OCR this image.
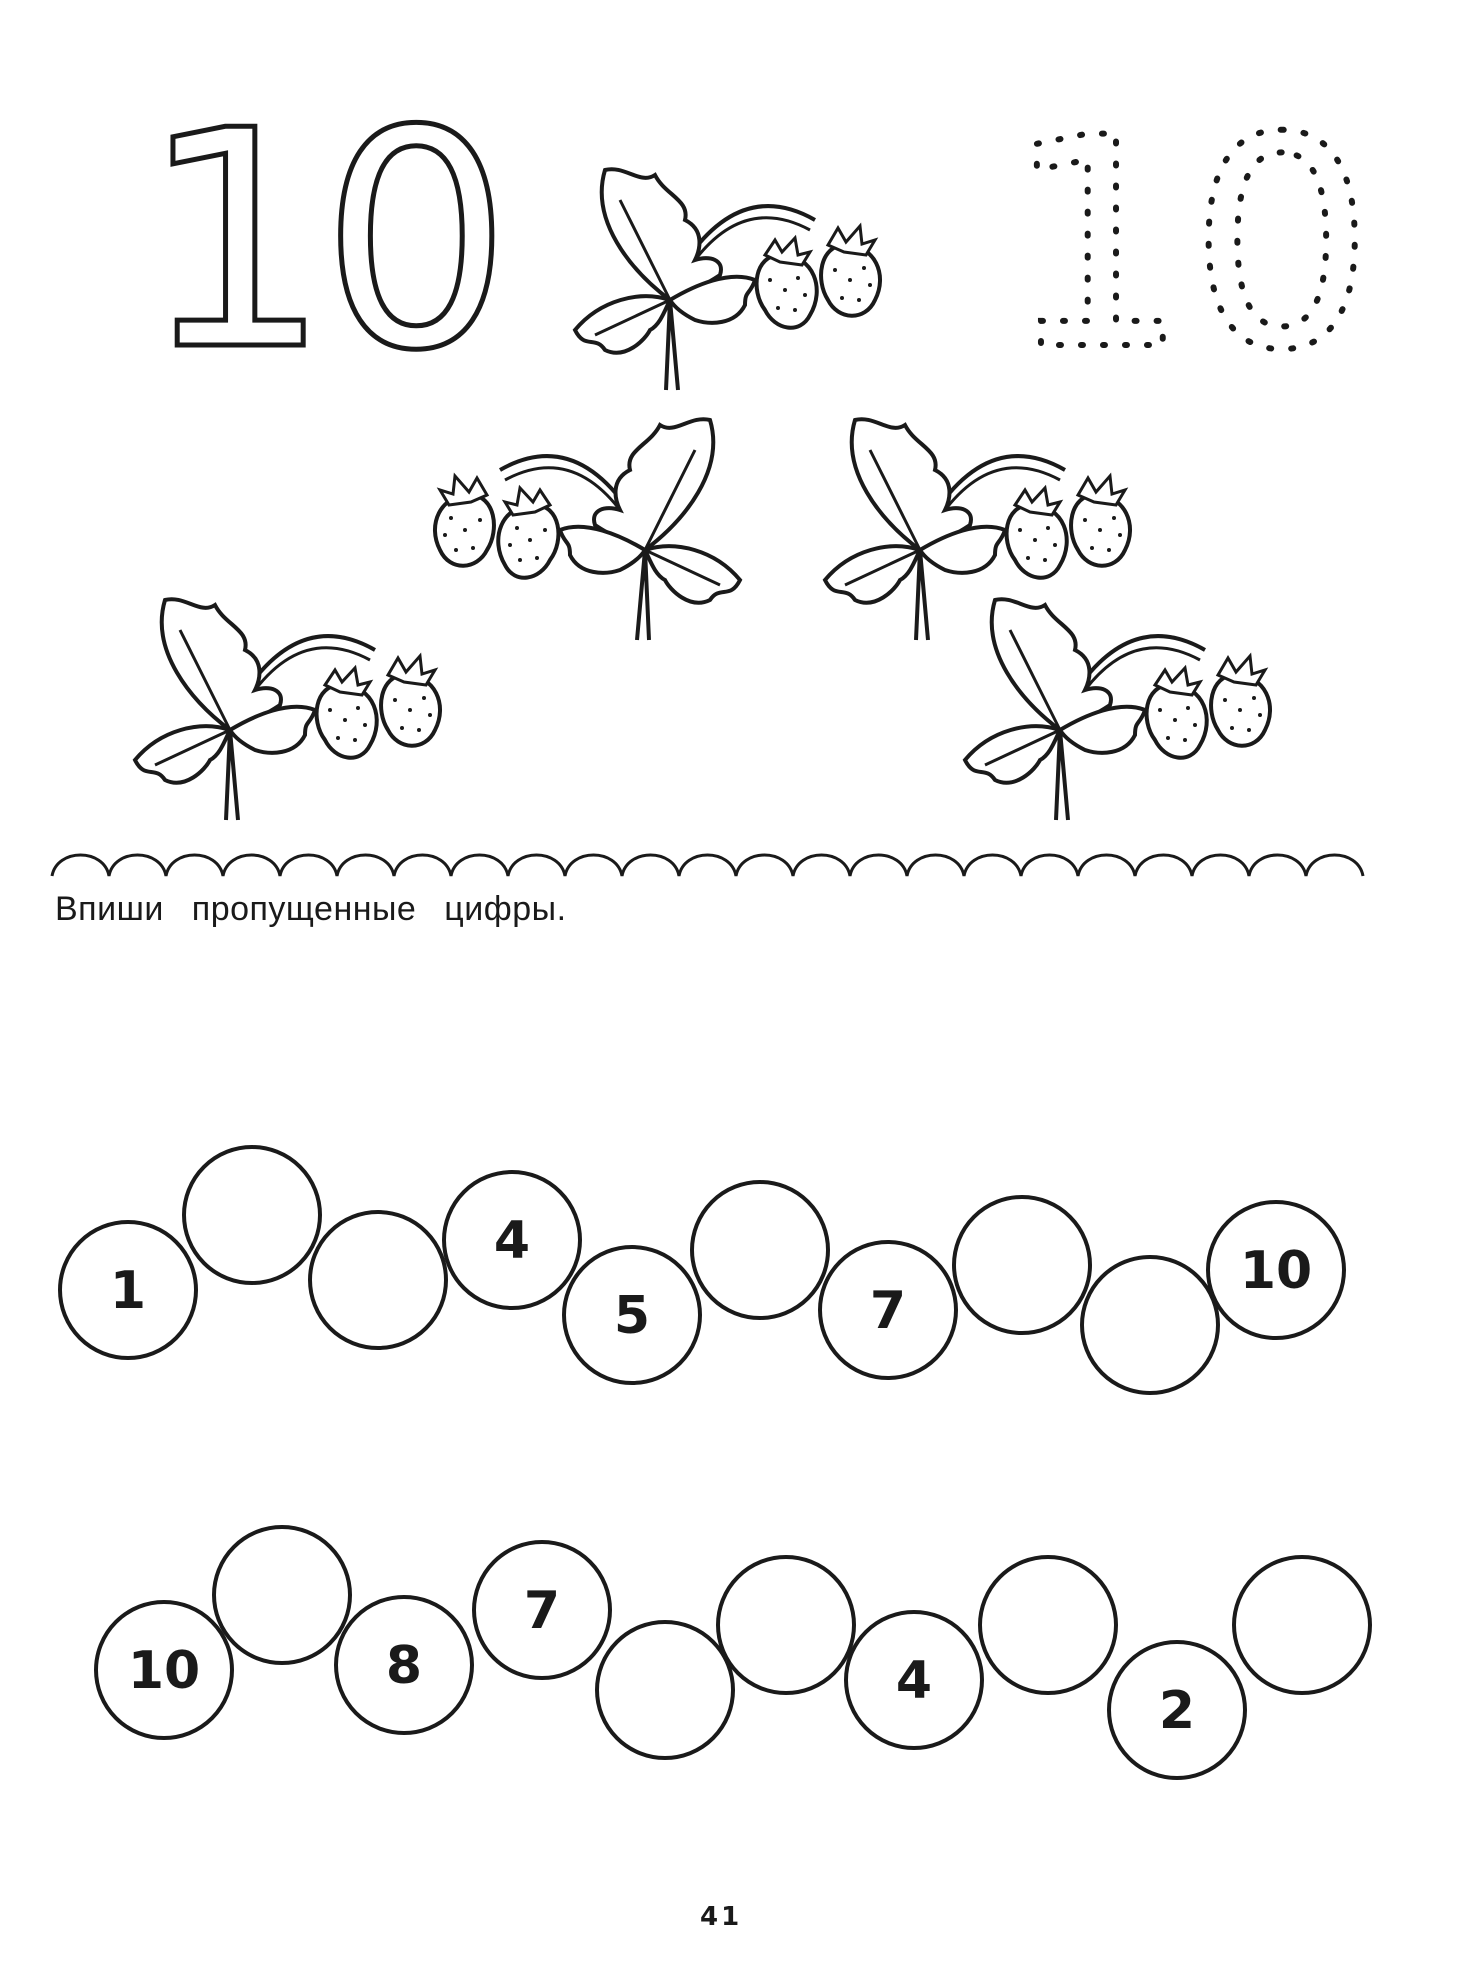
10 10
Впиши пропущенные цифры.
1
4
5	7
10
10	8
7
4	2
41
